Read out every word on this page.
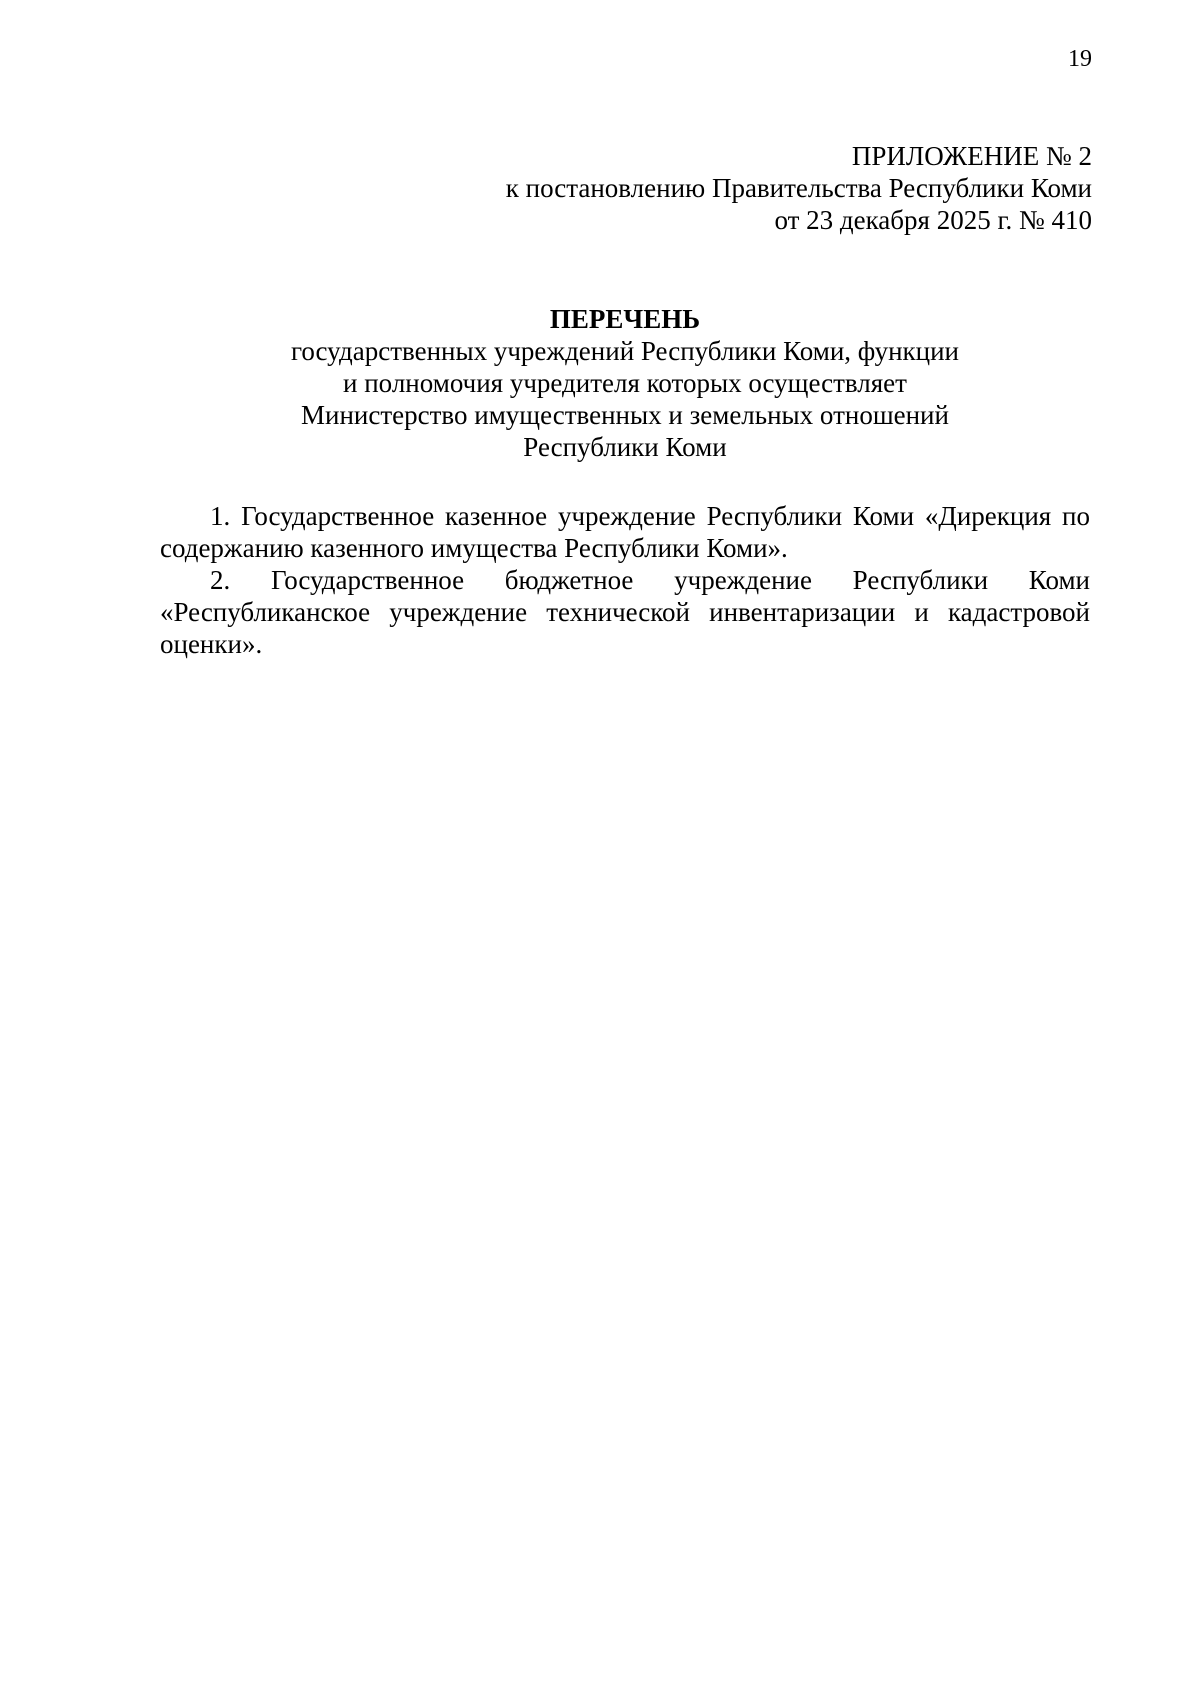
19
ПРИЛОЖЕНИЕ № 2
к постановлению Правительства Республики Коми
от 23 декабря 2025 г. № 410
ПЕРЕЧЕНЬ
государственных учреждений Республики Коми, функции
и полномочия учредителя которых осуществляет
Министерство имущественных и земельных отношений
Республики Коми

1. Государственное казенное учреждение Республики Коми «Дирекция по содержанию казенного имущества Республики Коми».

2. Государственное бюджетное учреждение Республики Коми «Республиканское учреждение технической инвентаризации и кадастровой оценки».
